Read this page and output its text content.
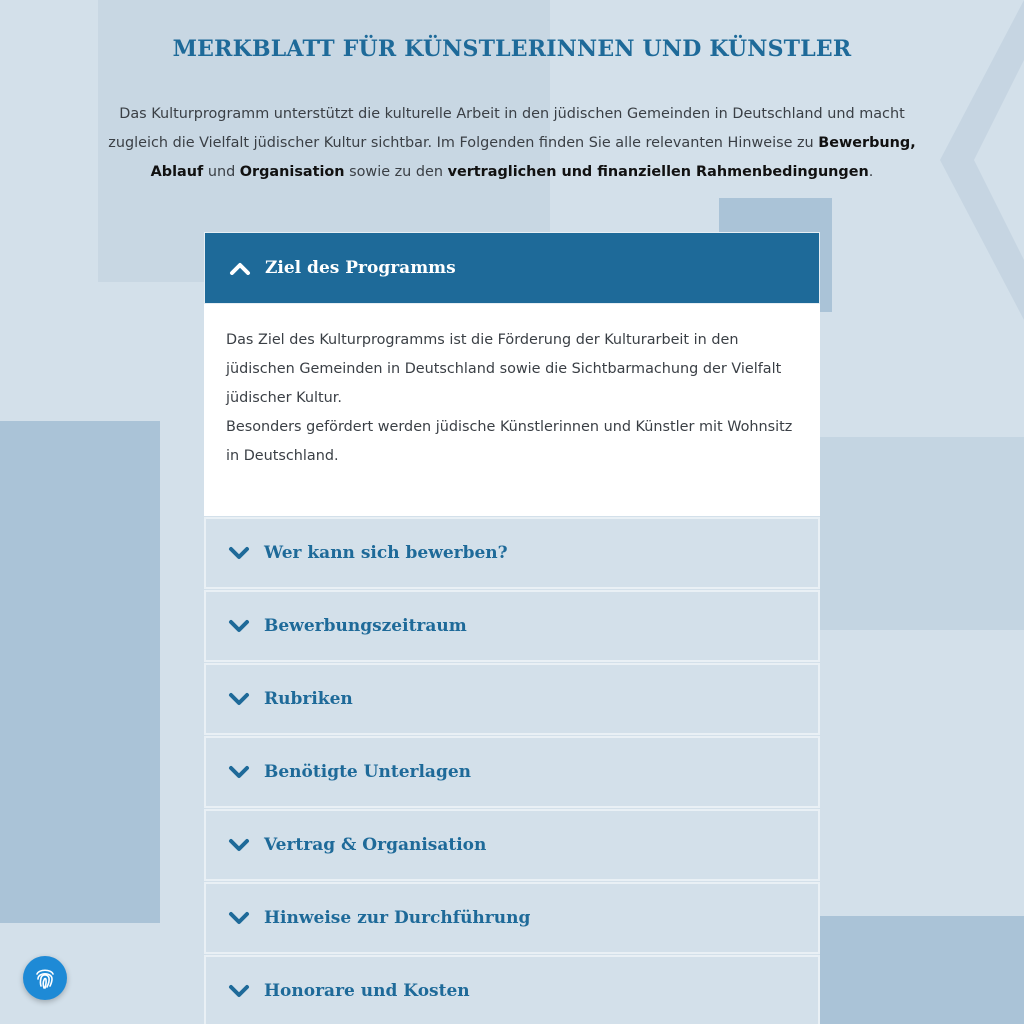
MERKBLATT FÜR KÜNSTLERINNEN UND KÜNSTLER

Das Kulturprogramm unterstützt die kulturelle Arbeit in den jüdischen Gemeinden in Deutschland und macht zugleich die Vielfalt jüdischer Kultur sichtbar. Im Folgenden finden Sie alle relevanten Hinweise zu Bewerbung, Ablauf und Organisation sowie zu den vertraglichen und finanziellen Rahmenbedingungen.

Ziel des Programms

Das Ziel des Kulturprogramms ist die Förderung der Kulturarbeit in den jüdischen Gemeinden in Deutschland sowie die Sichtbarmachung der Vielfalt jüdischer Kultur.

Besonders gefördert werden jüdische Künstlerinnen und Künstler mit Wohnsitz in Deutschland.

Wer kann sich bewerben?
Bewerbungszeitraum
Rubriken
Benötigte Unterlagen
Vertrag & Organisation
Hinweise zur Durchführung
Honorare und Kosten
